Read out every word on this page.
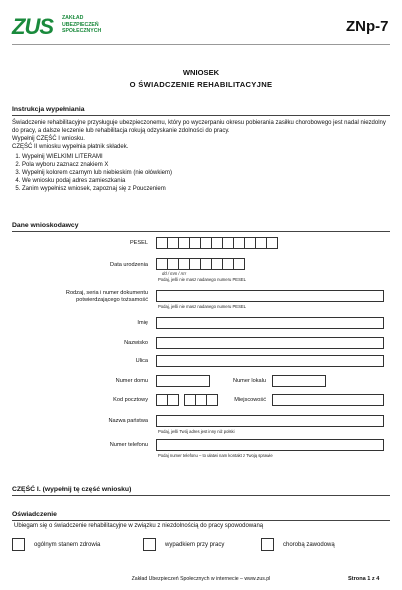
ZUS ZAKŁAD
UBEZPIECZEŃ
SPOŁECZNYCH	ZNp-7
WNIOSEK
O ŚWIADCZENIE REHABILITACYJNE
Instrukcja wypełniania
Świadczenie rehabilitacyjne przysługuje ubezpieczonemu, który po wyczerpaniu okresu pobierania zasiłku chorobowego jest nadal niezdolny do pracy, a dalsze leczenie lub rehabilitacja rokują odzyskanie zdolności do pracy.
Wypełnij CZĘŚĆ I wniosku.
CZĘŚĆ II wniosku wypełnia płatnik składek.
1. Wypełnij WIELKIMI LITERAMI
2. Pola wyboru zaznacz znakiem X
3. Wypełnij kolorem czarnym lub niebieskim (nie ołówkiem)
4. We wniosku podaj adres zamieszkania
5. Zanim wypełnisz wniosek, zapoznaj się z Pouczeniem
Dane wnioskodawcy
PESEL
Data urodzenia
dd / mm / rrrr
Podaj, jeśli nie masz nadanego numeru PESEL
Rodzaj, seria i numer dokumentu potwierdzającego tożsamość
Podaj, jeśli nie masz nadanego numeru PESEL
Imię
Nazwisko
Ulica
Numer domu	Numer lokalu
Kod pocztowy	Miejscowość
Nazwa państwa
Podaj, jeśli Twój adres jest inny niż polski
Numer telefonu
Podaj numer telefonu – to ułatwi nam kontakt z Twoją sprawie
CZĘŚĆ I. (wypełnij tę część wniosku)
Oświadczenie
Ubiegam się o świadczenie rehabilitacyjne w związku z niezdolnością do pracy spowodowaną
ogólnym stanem zdrowia	wypadkiem przy pracy	chorobą zawodową
Zakład Ubezpieczeń Społecznych w internecie – www.zus.pl	Strona 1 z 4
